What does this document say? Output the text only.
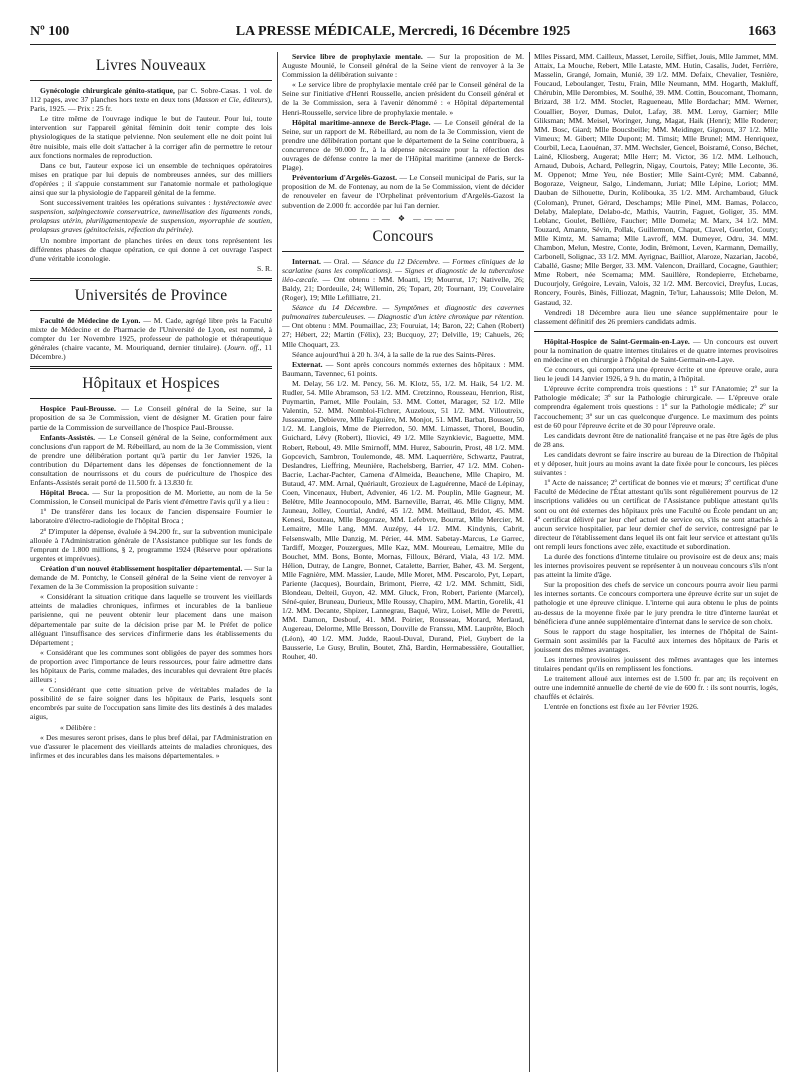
Nº 100	LA PRESSE MÉDICALE, Mercredi, 16 Décembre 1925	1663
Livres Nouveaux

Gynécologie chirurgicale génito-statique, par C. Sobre-Casas. 1 vol. de 112 pages, avec 37 planches hors texte en deux tons (Masson et Cie, éditeurs), Paris, 1925. — Prix : 25 fr.

Le titre même de l'ouvrage indique le but de l'auteur. Pour lui, toute intervention sur l'appareil génital féminin doit tenir compte des lois physiologiques de la statique pelvienne. Non seulement elle ne doit point lui être nuisible, mais elle doit s'attacher à la corriger afin de permettre le retour aux fonctions normales de reproduction.

Dans ce but, l'auteur expose ici un ensemble de techniques opératoires mises en pratique par lui depuis de nombreuses années, sur des milliers d'opérées ; il s'appuie constamment sur l'anatomie normale et pathologique ainsi que sur la physiologie de l'appareil génital de la femme.

Sont successivement traitées les opérations suivantes : hystérectomie avec suspension, salpingectomie conservatrice, tunnellisation des ligaments ronds, prolapsus utérin, pluriligamentopexie de suspension, myorraphie de soutien, prolapsus graves (génitocleisis, réfection du périnée).

Un nombre important de planches tirées en deux tons représentent les différentes phases de chaque opération, ce qui donne à cet ouvrage l'aspect d'une véritable iconologie.

S. R.
Universités de Province

Faculté de Médecine de Lyon. — M. Cade, agrégé libre près la Faculté mixte de Médecine et de Pharmacie de l'Université de Lyon, est nommé, à compter du 1er Novembre 1925, professeur de pathologie et thérapeutique générales (chaire vacante, M. Mouriquand, dernier titulaire). (Journ. off., 11 Décembre.)

Hôpitaux et Hospices

Hospice Paul-Brousse. — Le Conseil général de la Seine, sur la proposition de sa 3e Commission, vient de désigner M. Gratien pour faire partie de la Commission de surveillance de l'hospice Paul-Brousse.

Enfants-Assistés. — Le Conseil général de la Seine, conformément aux conclusions d'un rapport de M. Rébeillard, au nom de la 3e Commission, vient de prendre une délibération portant qu'à partir du 1er Janvier 1926, la contribution du Département dans les dépenses de fonctionnement de la consultation de nourrissons et du cours de puériculture de l'hospice des Enfants-Assistés serait porté de 11.500 fr. à 13.830 fr.

Hôpital Broca. — Sur la proposition de M. Moriette, au nom de la 5e Commission, le Conseil municipal de Paris vient d'émettre l'avis qu'il y a lieu :

1º De transférer dans les locaux de l'ancien dispensaire Fournier le laboratoire d'électro-radiologie de l'hôpital Broca ;

2º D'imputer la dépense, évaluée à 94.200 fr., sur la subvention municipale allouée à l'Administration générale de l'Assistance publique sur les fonds de l'emprunt de 1.800 millions, § 2, programme 1924 (Réserve pour opérations urgentes et imprévues).

Création d'un nouvel établissement hospitalier départemental. — Sur la demande de M. Pontchy, le Conseil général de la Seine vient de renvoyer à l'examen de la 3e Commission la proposition suivante :

« Considérant la situation critique dans laquelle se trouvent les vieillards atteints de maladies chroniques, infirmes et incurables de la banlieue parisienne, qui ne peuvent obtenir leur placement dans une maison départementale par suite de la décision prise par M. le Préfet de police alléguant l'insuffisance des services d'infirmerie dans les établissements du Département ;

« Considérant que les communes sont obligées de payer des sommes hors de proportion avec l'importance de leurs ressources, pour faire admettre dans les hôpitaux de Paris, comme malades, des incurables qui devraient être placés ailleurs ;

« Considérant que cette situation prive de véritables malades de la possibilité de se faire soigner dans les hôpitaux de Paris, lesquels sont encombrés par suite de l'occupation sans limite des lits destinés à des malades aigus,

« Délibère :

« Des mesures seront prises, dans le plus bref délai, par l'Administration en vue d'assurer le placement des vieillards atteints de maladies chroniques, des infirmes et des incurables dans les maisons départementales. »

Service libre de prophylaxie mentale. — Sur la proposition de M. Auguste Mounié, le Conseil général de la Seine vient de renvoyer à la 3e Commission la délibération suivante :

« Le service libre de prophylaxie mentale créé par le Conseil général de la Seine sur l'initiative d'Henri Rousselle, ancien président du Conseil général et de la 3e Commission, sera à l'avenir dénommé : « Hôpital départemental Henri-Rousselle, service libre de prophylaxie mentale. »

Hôpital maritime-annexe de Berck-Plage. — Le Conseil général de la Seine, sur un rapport de M. Rébeillard, au nom de la 3e Commission, vient de prendre une délibération portant que le département de la Seine contribuera, à concurrence de 90.000 fr., à la dépense nécessaire pour la réfection des ouvrages de défense contre la mer de l'Hôpital maritime (annexe de Berck-Plage).

Préventorium d'Argelès-Gazost. — Le Conseil municipal de Paris, sur la proposition de M. de Fontenay, au nom de la 5e Commission, vient de décider de renouveler en faveur de l'Orphelinat préventorium d'Argelès-Gazost la subvention de 2.000 fr. accordée par lui l'an dernier.

———— ❖ ————
Concours

Internat. — Oral. — Séance du 12 Décembre. — Formes cliniques de la scarlatine (sans les complications). — Signes et diagnostic de la tuberculose iléo-cæcale. — Ont obtenu : MM. Moatti, 19; Mourrut, 17; Nativelle, 26; Baldy, 21; Dordeuile, 24; Willemin, 26; Topart, 20; Tournant, 19; Couvelaire (Roger), 19; Mlle Lefilliatre, 21.

Séance du 14 Décembre. — Symptômes et diagnostic des cavernes pulmonaires tuberculeuses. — Diagnostic d'un ictère chronique par rétention. — Ont obtenu : MM. Poumaillac, 23; Fouruiat, 14; Baron, 22; Cahen (Robert) 27; Hébert, 22; Martin (Félix), 23; Bucquoy, 27; Delville, 19; Cahuels, 26; Mlle Choquart, 23.

Séance aujourd'hui à 20 h. 3/4, à la salle de la rue des Saints-Pères.

Externat. — Sont après concours nommés externes des hôpitaux : MM. Baumann, Tavennec, 61 points.

M. Delay, 56 1/2. M. Pency, 56. M. Klotz, 55, 1/2. M. Haik, 54 1/2. M. Rudler, 54. Mlle Abramson, 53 1/2. MM. Cretzinno, Rousseau, Henrion, Rist, Puymartin, Parnet, Mlle Poulain, 53. MM. Cottet, Marager, 52 1/2. Mlle Valentin, 52. MM. Nombloi-Fichrer, Auzeloux, 51 1/2. MM. Villoutreix, Jusseaume, Debievre, Mlle Falguière, M. Monjot, 51. MM. Barbat, Bousser, 50 1/2. M. Langlois, Mme de Pierredon, 50. MM. Limasset, Thorel, Boudin, Guichard, Lévy (Robert), Iliovici, 49 1/2. Mlle Szynkievic, Baguette, MM. Robert, Reboul, 49. Mlle Smirnoff, MM. Hurez, Sabourin, Prost, 48 1/2. MM. Gopcevich, Sambron, Toulemonde, 48. MM. Laquerrière, Schwartz, Pautrat, Deslandres, Lieffring, Meunière, Rachelsberg, Barrier, 47 1/2. MM. Cohen-Bacrie, Lachar-Pachter, Camena d'Almeida, Beauchene, Mlle Chapiro, M. Butaud, 47. MM. Arnal, Quériault, Grozieux de Laguérenne, Macé de Lépinay, Coen, Vincenaux, Hubert, Advenier, 46 1/2. M. Pouplin, Mlle Gagneur, M. Belètre, Mlle Jeannocopoulo, MM. Barneville, Barrat, 46. Mlle Cligny, MM. Jauneau, Jolley, Courtial, André, 45 1/2. MM. Meillaud, Bridot, 45. MM. Kenesi, Bouteau, Mlle Bogoraze, MM. Lefebvre, Bourrat, Mlle Mercier, M. Lemaitre, Mlle Lang, MM. Auzépy, 44 1/2. MM. Kindynis, Cabrit, Felsenswalb, Mlle Danzig, M. Périer, 44. MM. Sabetay-Marcus, Le Garrec, Tardiff, Mozger, Pouzergues, Mlle Kaz, MM. Moureau, Lemaitre, Mlle du Bouchet, MM. Bons, Bonte, Mornas, Filloux, Bérard, Viala, 43 1/2. MM. Hélion, Dutray, de Langre, Bonnet, Catalette, Barrier, Baher, 43. M. Sergent, Mlle Fagnière, MM. Massier, Laude, Mlle Moret, MM. Pescarolo, Pyt, Lepart, Pariente (Jacques), Bourdain, Brimont, Pierre, 42 1/2. MM. Schmitt, Sidi, Blondeau, Delteil, Guyon, 42. MM. Gluck, Fron, Robert, Pariente (Marcel), Séné-quier, Bruneau, Durieux, Mlle Roussy, Chapiro, MM. Martin, Gorelik, 41 1/2. MM. Decante, Shpizer, Lannegrau, Baqué, Wirz, Loisel, Mlle de Peretti, MM. Damon, Desbouf, 41. MM. Poirier, Rousseau, Morard, Merlaud, Augereau, Delorme, Mlle Bresson, Douville de Franssu, MM. Lauprête, Bloch (Léon), 40 1/2. MM. Judde, Raoul-Duval, Durand, Piel, Guybert de la Bausserie, Le Gusy, Brulin, Boutet, Zhâ, Bardin, Hermabessière, Goutallier, Rouher, 40.

Mlles Pissard, MM. Cailleux, Masset, Leroile, Siffiet, Jouis, Mlle Jammet, MM. Attaix, La Mouche, Rebert, Mlle Lataste, MM. Hutin, Casalis, Judet, Ferrière, Masselin, Grangé, Jomain, Munié, 39 1/2. MM. Defaix, Chevalier, Tesnière, Foucaud, Leboulanger, Testu, Frain, Mlle Neumann, MM. Hogarth, Makluff, Chérubin, Mlle Derombies, M. Soulhé, 39. MM. Cottin, Boucomant, Thomann, Brizard, 38 1/2. MM. Stoclet, Ragueneau, Mlle Bordachar; MM. Werner, Couallier, Boyer, Dumas, Dulot, Lafay, 38. MM. Leroy, Garnier; Mlle Gliksman; MM. Meisel, Woringer, Jung, Magat, Haik (Henri); Mlle Roderer; MM. Bosc, Giard; Mlle Boucsbeille; MM. Meidinger, Gignoux, 37 1/2. Mlle Vimeux; M. Gibert; Mlle Dupont; M. Timsit; Mlle Brunel; MM. Henriquez, Courbil, Leca, Laouénan, 37. MM. Wechsler, Gencel, Boisramé, Conso, Béchet, Lainé, Kliosberg, Augerat; Mlle Herr; M. Victor, 36 1/2. MM. Lelhouch, Arnaud, Dubois, Achard, Pellegrin, Nigay, Courtois, Patey; Mlle Leconte, 36. M. Oppenot; Mme Yeu, née Bostier; Mlle Saint-Cyré; MM. Cabanné, Bogoraze, Veigneur, Salgo, Lindemann, Juriat; Mlle Lépine, Loriot; MM. Dauban de Silhouette, Durin, Kolibouka, 35 1/2. MM. Archambaud, Gluck (Coloman), Prunet, Gérard, Deschamps; Mlle Pinel, MM. Bamas, Polacco, Delaby, Maleplate, Delabo-dc, Mathis, Vautrin, Faguet, Goliger, 35. MM. Leblanc, Goulet, Bellière, Faucher; Mlle Domela; M. Marx, 34 1/2. MM. Touzard, Amante, Sévin, Pollak, Guillermon, Chaput, Clavel, Guerlot, Couty; Mlle Kimtz, M. Samama; Mlle Lavroff, MM. Dumeyer, Odru, 34. MM. Chambon, Melun, Mestre, Conte, Jodin, Brémont, Leven, Karmann, Demailly, Carbonell, Solignac, 33 1/2. MM. Ayrignac, Bailliot, Alaroze, Nazarian, Jacobé, Caballé, Gasne; Mlle Berger, 33. MM. Valencon, Draillard, Cocagne, Gauthier; Mme Robert, née Scemama; MM. Sauillère, Rondepierre, Etchebarne, Ducourjoly, Grégoire, Levain, Valois, 32 1/2. MM. Bercovici, Dreyfus, Lucas, Roncery, Fourès, Binès, Filliozat, Magnin, Te'lur, Lahaussois; Mlle Delon, M. Gastaud, 32.

Vendredi 18 Décembre aura lieu une séance supplémentaire pour le classement définitif des 26 premiers candidats admis.

Hôpital-Hospice de Saint-Germain-en-Laye. — Un concours est ouvert pour la nomination de quatre internes titulaires et de quatre internes provisoires en médecine et en chirurgie à l'hôpital de Saint-Germain-en-Laye.

Ce concours, qui comportera une épreuve écrite et une épreuve orale, aura lieu le jeudi 14 Janvier 1926, à 9 h. du matin, à l'hôpital.

L'épreuve écrite comprendra trois questions : 1º sur l'Anatomie; 2º sur la Pathologie médicale; 3º sur la Pathologie chirurgicale. — L'épreuve orale comprendra également trois questions : 1º sur la Pathologie médicale; 2º sur l'accouchement; 3º sur un cas quelconque d'urgence. Le maximum des points est de 60 pour l'épreuve écrite et de 30 pour l'épreuve orale.

Les candidats devront être de nationalité française et ne pas être âgés de plus de 28 ans.

Les candidats devront se faire inscrire au bureau de la Direction de l'hôpital et y déposer, huit jours au moins avant la date fixée pour le concours, les pièces suivantes :

1º Acte de naissance; 2º certificat de bonnes vie et mœurs; 3º certificat d'une Faculté de Médecine de l'État attestant qu'ils sont régulièrement pourvus de 12 inscriptions validées ou un certificat de l'Assistance publique attestant qu'ils sont ou ont été externes des hôpitaux près une Faculté ou École pendant un an; 4º certificat délivré par leur chef actuel de service ou, s'ils ne sont attachés à aucun service hospitalier, par leur dernier chef de service, contresigné par le directeur de l'établissement dans lequel ils ont fait leur service et attestant qu'ils ont rempli leurs fonctions avec zèle, exactitude et subordination.

La durée des fonctions d'interne titulaire ou provisoire est de deux ans; mais les internes provisoires peuvent se représenter à un nouveau concours s'ils n'ont pas atteint la limite d'âge.

Sur la proposition des chefs de service un concours pourra avoir lieu parmi les internes sortants. Ce concours comportera une épreuve écrite sur un sujet de pathologie et une épreuve clinique. L'interne qui aura obtenu le plus de points au-dessus de la moyenne fixée par le jury prendra le titre d'interne lauréat et bénéficiera d'une année supplémentaire d'internat dans le service de son choix.

Sous le rapport du stage hospitalier, les internes de l'hôpital de Saint-Germain sont assimilés par la Faculté aux internes des hôpitaux de Paris et jouissent des mêmes avantages.

Les internes provisoires jouissent des mêmes avantages que les internes titulaires pendant qu'ils en remplissent les fonctions.

Le traitement alloué aux internes est de 1.500 fr. par an; ils reçoivent en outre une indemnité annuelle de cherté de vie de 600 fr. : ils sont nourris, logés, chauffés et éclairés.

L'entrée en fonctions est fixée au 1er Février 1926.
